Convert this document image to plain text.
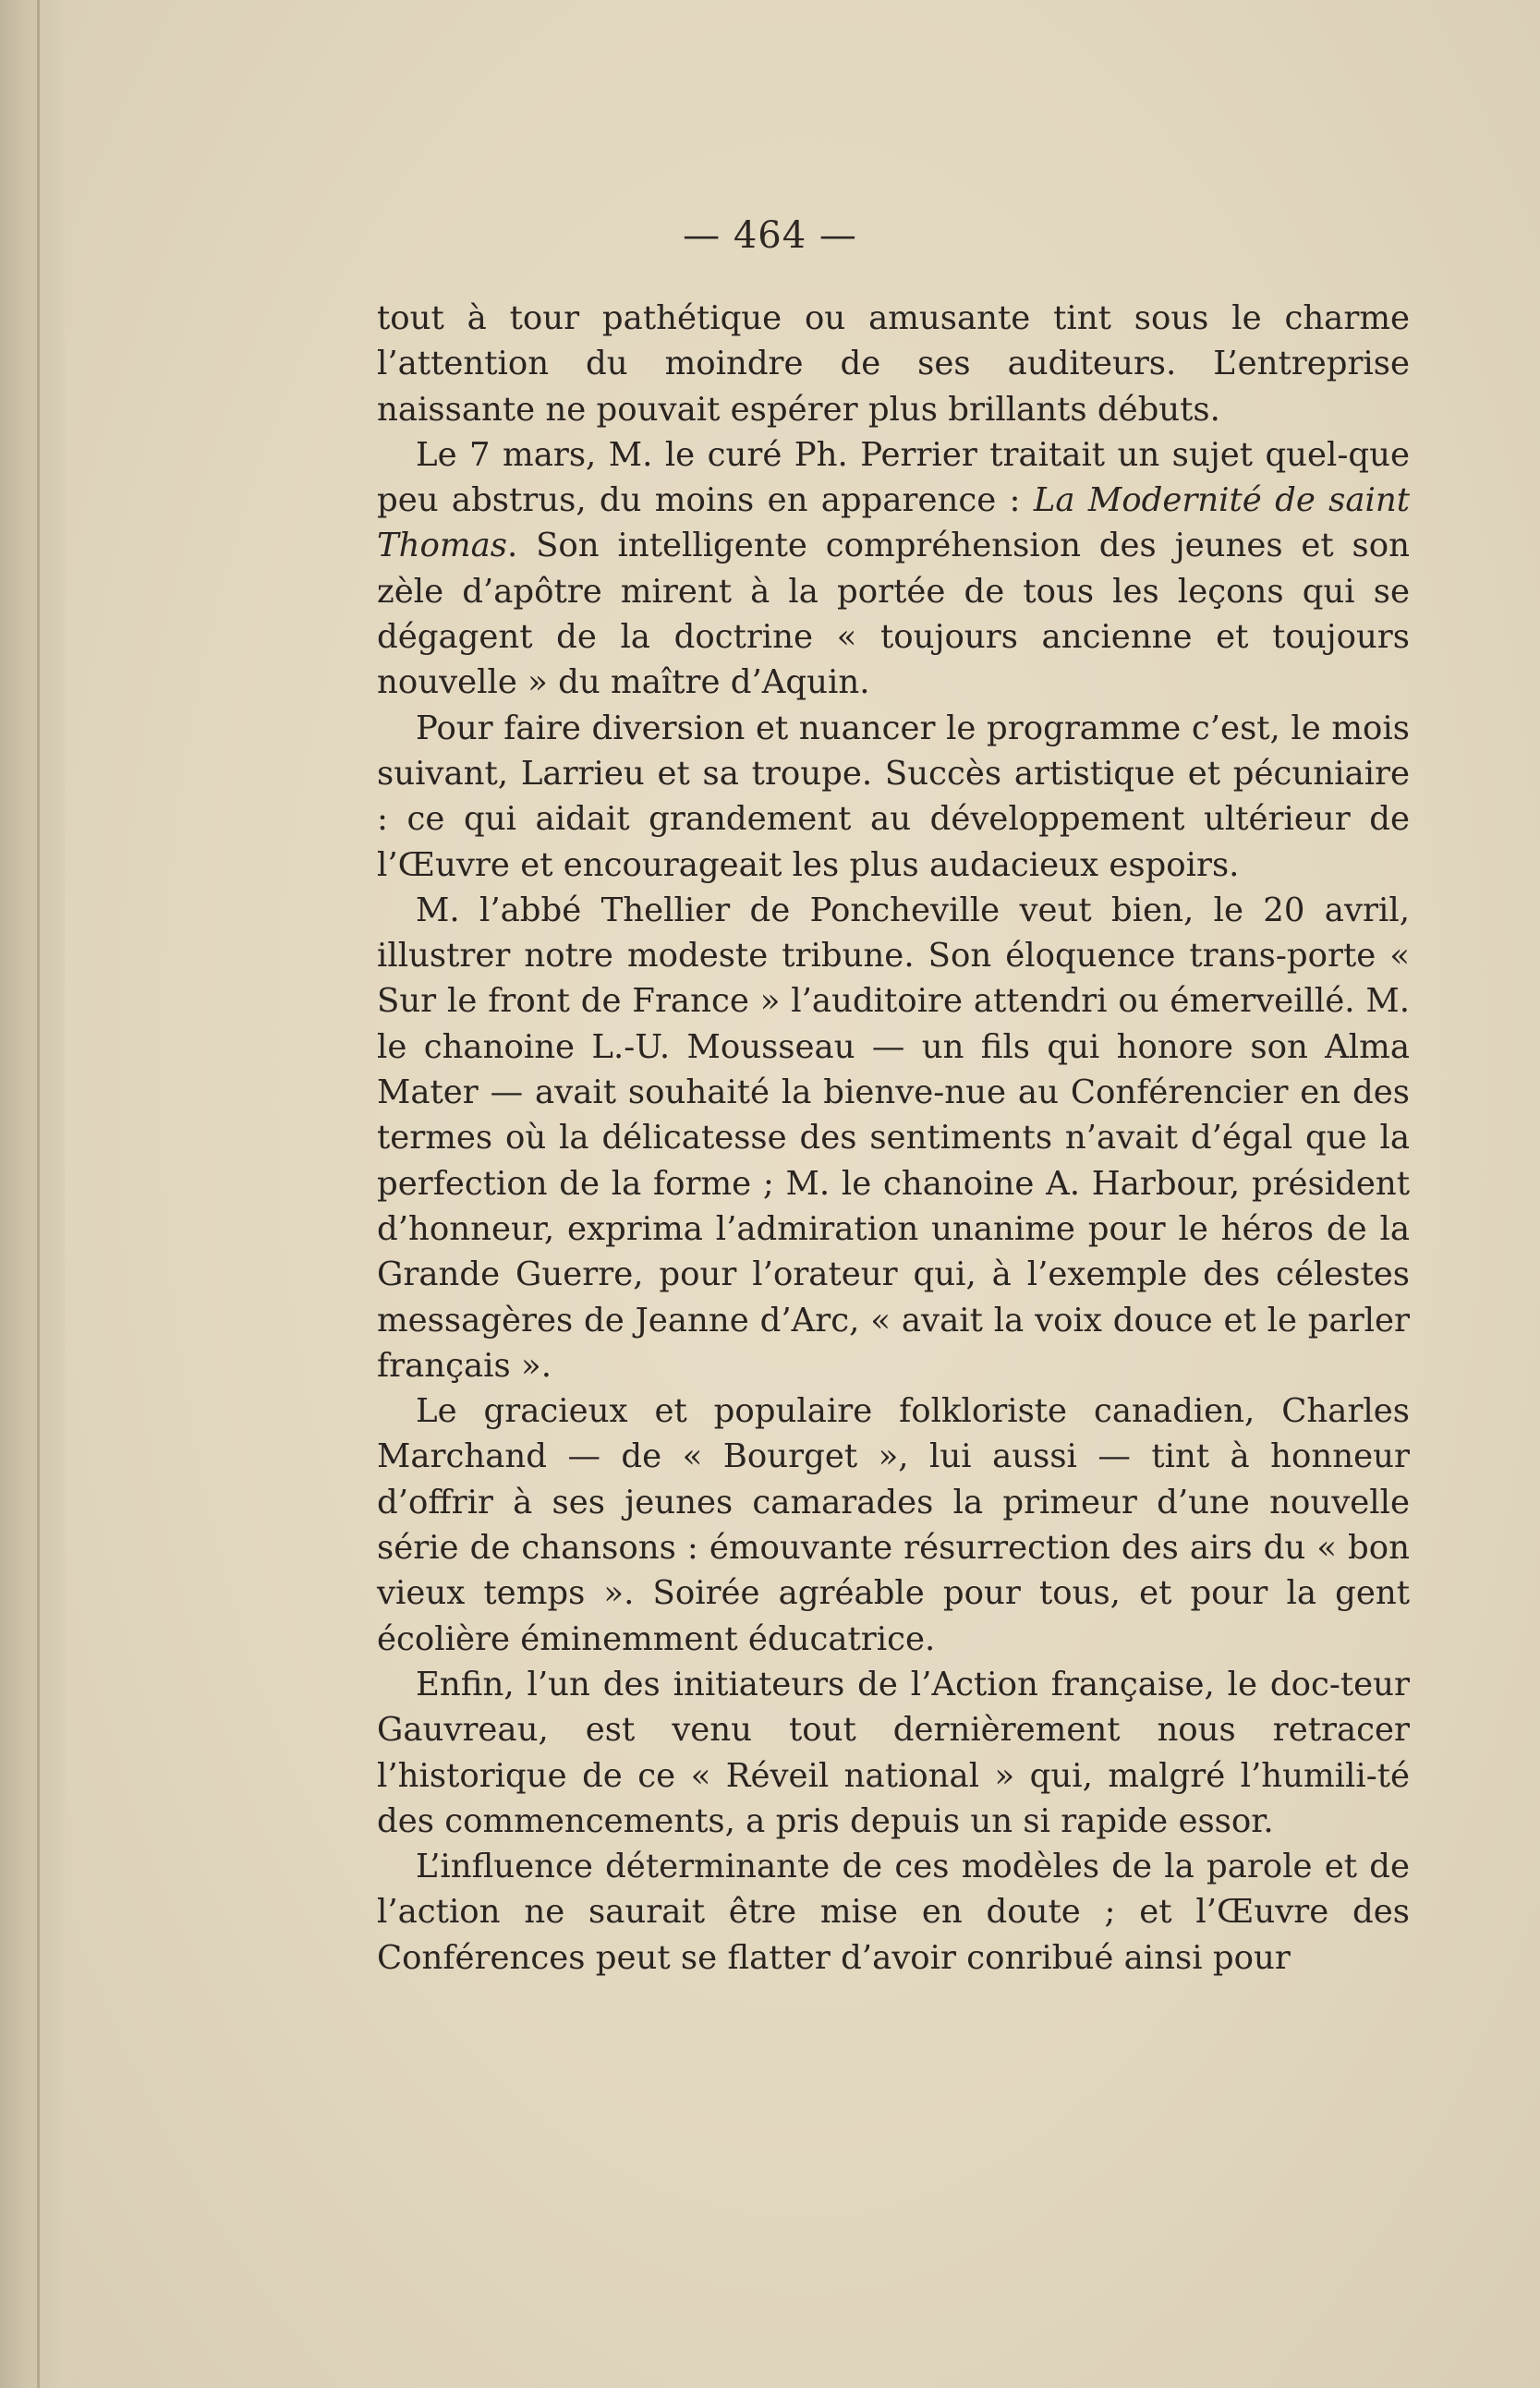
— 464 —

tout à tour pathétique ou amusante tint sous le charme l’attention du moindre de ses auditeurs. L’entreprise naissante ne pouvait espérer plus brillants débuts.

Le 7 mars, M. le curé Ph. Perrier traitait un sujet quel-que peu abstrus, du moins en apparence : La Modernité de saint Thomas. Son intelligente compréhension des jeunes et son zèle d’apôtre mirent à la portée de tous les leçons qui se dégagent de la doctrine « toujours ancienne et toujours nouvelle » du maître d’Aquin.

Pour faire diversion et nuancer le programme c’est, le mois suivant, Larrieu et sa troupe. Succès artistique et pécuniaire : ce qui aidait grandement au développement ultérieur de l’Œuvre et encourageait les plus audacieux espoirs.

M. l’abbé Thellier de Poncheville veut bien, le 20 avril, illustrer notre modeste tribune. Son éloquence trans-porte « Sur le front de France » l’auditoire attendri ou émerveillé. M. le chanoine L.-U. Mousseau — un fils qui honore son Alma Mater — avait souhaité la bienve-nue au Conférencier en des termes où la délicatesse des sentiments n’avait d’égal que la perfection de la forme ; M. le chanoine A. Harbour, président d’honneur, exprima l’admiration unanime pour le héros de la Grande Guerre, pour l’orateur qui, à l’exemple des célestes messagères de Jeanne d’Arc, « avait la voix douce et le parler français ».

Le gracieux et populaire folkloriste canadien, Charles Marchand — de « Bourget », lui aussi — tint à honneur d’offrir à ses jeunes camarades la primeur d’une nouvelle série de chansons : émouvante résurrection des airs du « bon vieux temps ». Soirée agréable pour tous, et pour la gent écolière éminemment éducatrice.

Enfin, l’un des initiateurs de l’Action française, le doc-teur Gauvreau, est venu tout dernièrement nous retracer l’historique de ce « Réveil national » qui, malgré l’humili-té des commencements, a pris depuis un si rapide essor.

L’influence déterminante de ces modèles de la parole et de l’action ne saurait être mise en doute ; et l’Œuvre des Conférences peut se flatter d’avoir conribué ainsi pour
